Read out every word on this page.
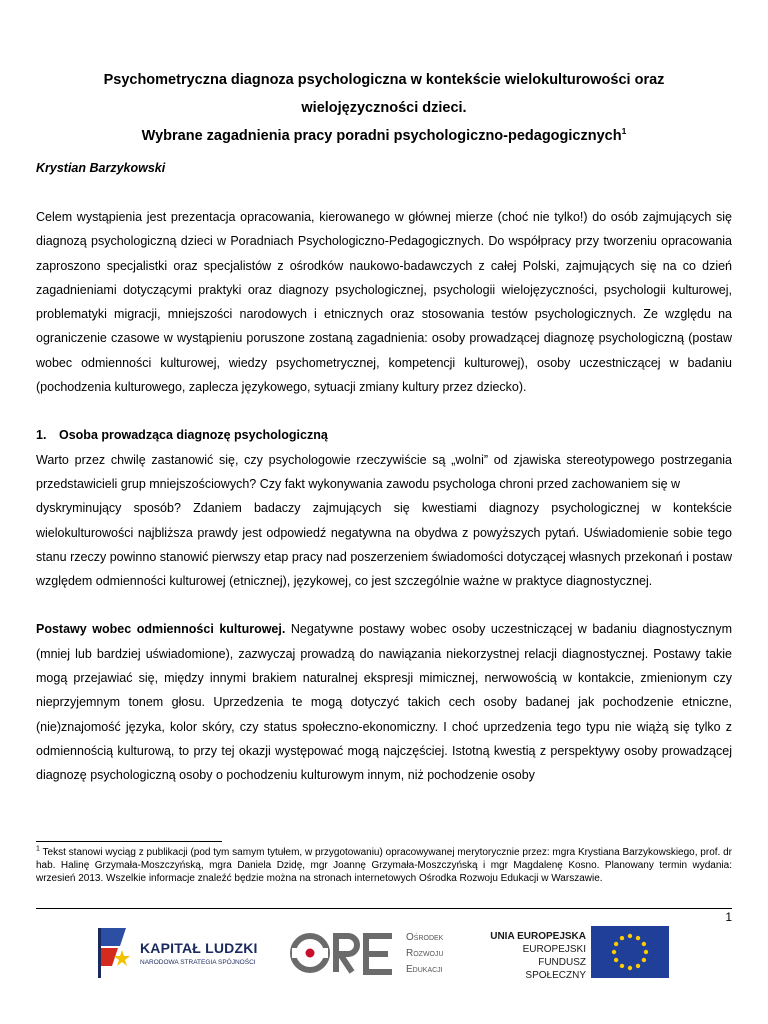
Psychometryczna diagnoza psychologiczna w kontekście wielokulturowości oraz

wielojęzyczności dzieci.

Wybrane zagadnienia pracy poradni psychologiczno-pedagogicznych$^1$

Krystian Barzykowski

Celem wystąpienia jest prezentacja opracowania, kierowanego w głównej mierze (choć nie tylko!) do osób zajmujących się diagnozą psychologiczną dzieci w Poradniach Psychologiczno-Pedagogicznych. Do współpracy przy tworzeniu opracowania zaproszono specjalistki oraz specjalistów z ośrodków naukowo-badawczych z całej Polski, zajmujących się na co dzień zagadnieniami dotyczącymi praktyki oraz diagnozy psychologicznej, psychologii wielojęzyczności, psychologii kulturowej, problematyki migracji, mniejszości narodowych i etnicznych oraz stosowania testów psychologicznych. Ze względu na ograniczenie czasowe w wystąpieniu poruszone zostaną zagadnienia: osoby prowadzącej diagnozę psychologiczną (postaw wobec odmienności kulturowej, wiedzy psychometrycznej, kompetencji kulturowej), osoby uczestniczącej w badaniu (pochodzenia kulturowego, zaplecza językowego, sytuacji zmiany kultury przez dziecko).

1. Osoba prowadząca diagnozę psychologiczną

Warto przez chwilę zastanowić się, czy psychologowie rzeczywiście są „wolni” od zjawiska stereotypowego postrzegania przedstawicieli grup mniejszościowych? Czy fakt wykonywania zawodu psychologa chroni przed zachowaniem się w

dyskryminujący sposób? Zdaniem badaczy zajmujących się kwestiami diagnozy psychologicznej w kontekście wielokulturowości najbliższa prawdy jest odpowiedź negatywna na obydwa z powyższych pytań. Uświadomienie sobie tego stanu rzeczy powinno stanowić pierwszy etap pracy nad poszerzeniem świadomości dotyczącej własnych przekonań i postaw względem odmienności kulturowej (etnicznej), językowej, co jest szczególnie ważne w praktyce diagnostycznej.

Postawy wobec odmienności kulturowej. Negatywne postawy wobec osoby uczestniczącej w badaniu diagnostycznym (mniej lub bardziej uświadomione), zazwyczaj prowadzą do nawiązania niekorzystnej relacji diagnostycznej. Postawy takie mogą przejawiać się, między innymi brakiem naturalnej ekspresji mimicznej, nerwowością w kontakcie, zmienionym czy nieprzyjemnym tonem głosu. Uprzedzenia te mogą dotyczyć takich cech osoby badanej jak pochodzenie etniczne, (nie)znajomość języka, kolor skóry, czy status społeczno-ekonomiczny. I choć uprzedzenia tego typu nie wiążą się tylko z odmiennością kulturową, to przy tej okazji występować mogą najczęściej. Istotną kwestią z perspektywy osoby prowadzącej diagnozę psychologiczną osoby o pochodzeniu kulturowym innym, niż pochodzenie osoby

$^1$ Tekst stanowi wyciąg z publikacji (pod tym samym tytułem, w przygotowaniu) opracowywanej merytorycznie przez: mgra Krystiana Barzykowskiego, prof. dr hab. Halinę Grzymała-Moszczyńską, mgra Daniela Dzidę, mgr Joannę Grzymała-Moszczyńską i mgr Magdalenę Kosno. Planowany termin wydania: wrzesień 2013. Wszelkie informacje znaleźć będzie można na stronach internetowych Ośrodka Rozwoju Edukacji w Warszawie.
1
KAPITAŁ LUDZKI
NARODOWA STRATEGIA SPÓJNOŚCI
Ośrodek
Rozwoju
Edukacji
UNIA EUROPEJSKA
EUROPEJSKI
FUNDUSZ SPOŁECZNY
